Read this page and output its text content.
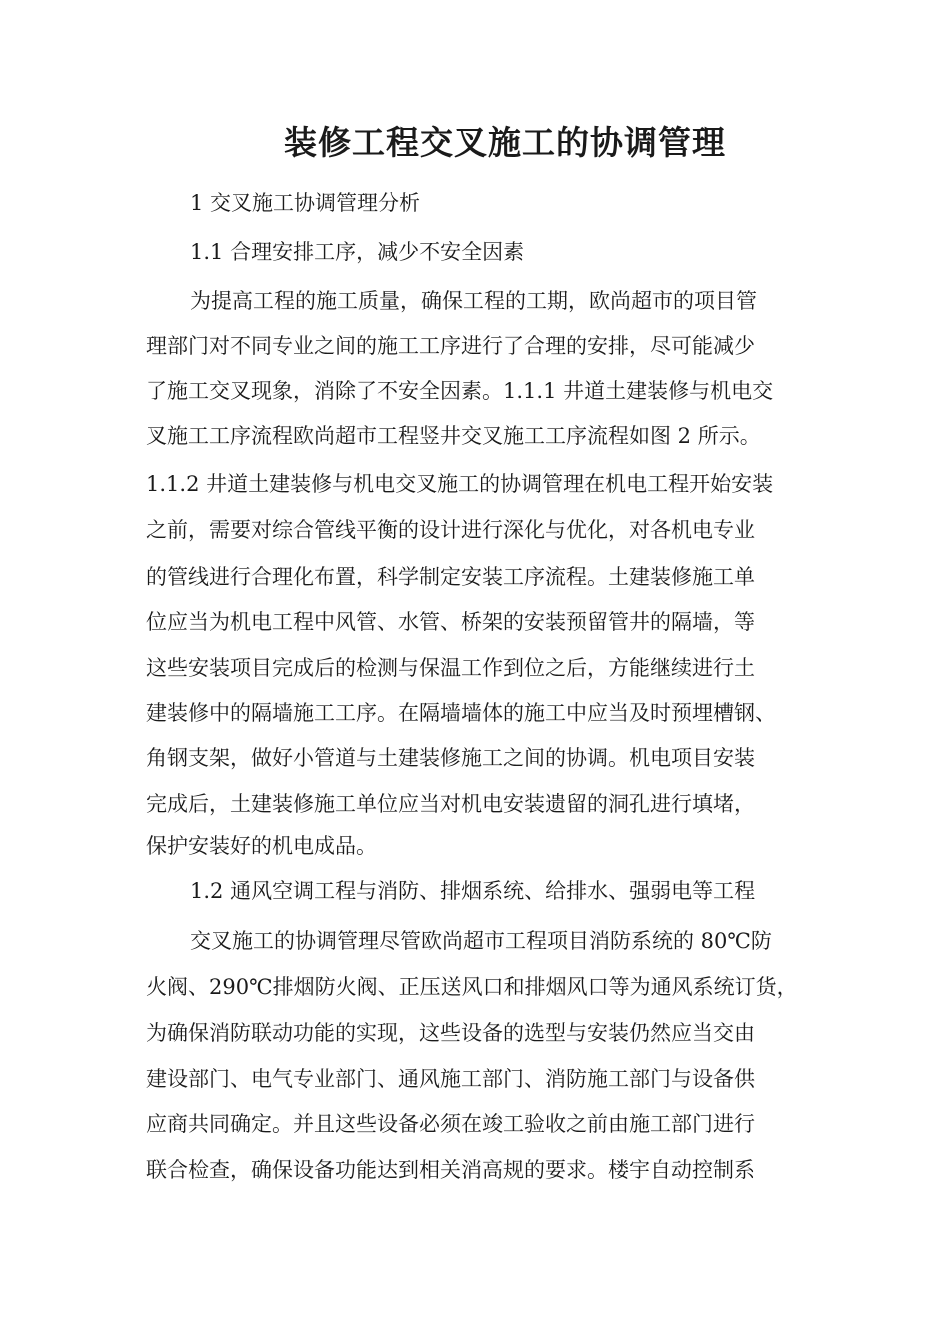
装修工程交叉施工的协调管理
1 交叉施工协调管理分析
1.1 合理安排工序，减少不安全因素
为提高工程的施工质量，确保工程的工期，欧尚超市的项目管
理部门对不同专业之间的施工工序进行了合理的安排，尽可能减少
了施工交叉现象，消除了不安全因素。1.1.1 井道土建装修与机电交
叉施工工序流程欧尚超市工程竖井交叉施工工序流程如图 2 所示。
1.1.2 井道土建装修与机电交叉施工的协调管理在机电工程开始安装
之前，需要对综合管线平衡的设计进行深化与优化，对各机电专业
的管线进行合理化布置，科学制定安装工序流程。土建装修施工单
位应当为机电工程中风管、水管、桥架的安装预留管井的隔墙，等
这些安装项目完成后的检测与保温工作到位之后，方能继续进行土
建装修中的隔墙施工工序。在隔墙墙体的施工中应当及时预埋槽钢、
角钢支架，做好小管道与土建装修施工之间的协调。机电项目安装
完成后，土建装修施工单位应当对机电安装遗留的洞孔进行填堵，
保护安装好的机电成品。
1.2 通风空调工程与消防、排烟系统、给排水、强弱电等工程
交叉施工的协调管理尽管欧尚超市工程项目消防系统的 80℃防
火阀、290℃排烟防火阀、正压送风口和排烟风口等为通风系统订货，
为确保消防联动功能的实现，这些设备的选型与安装仍然应当交由
建设部门、电气专业部门、通风施工部门、消防施工部门与设备供
应商共同确定。并且这些设备必须在竣工验收之前由施工部门进行
联合检查，确保设备功能达到相关消高规的要求。楼宇自动控制系
